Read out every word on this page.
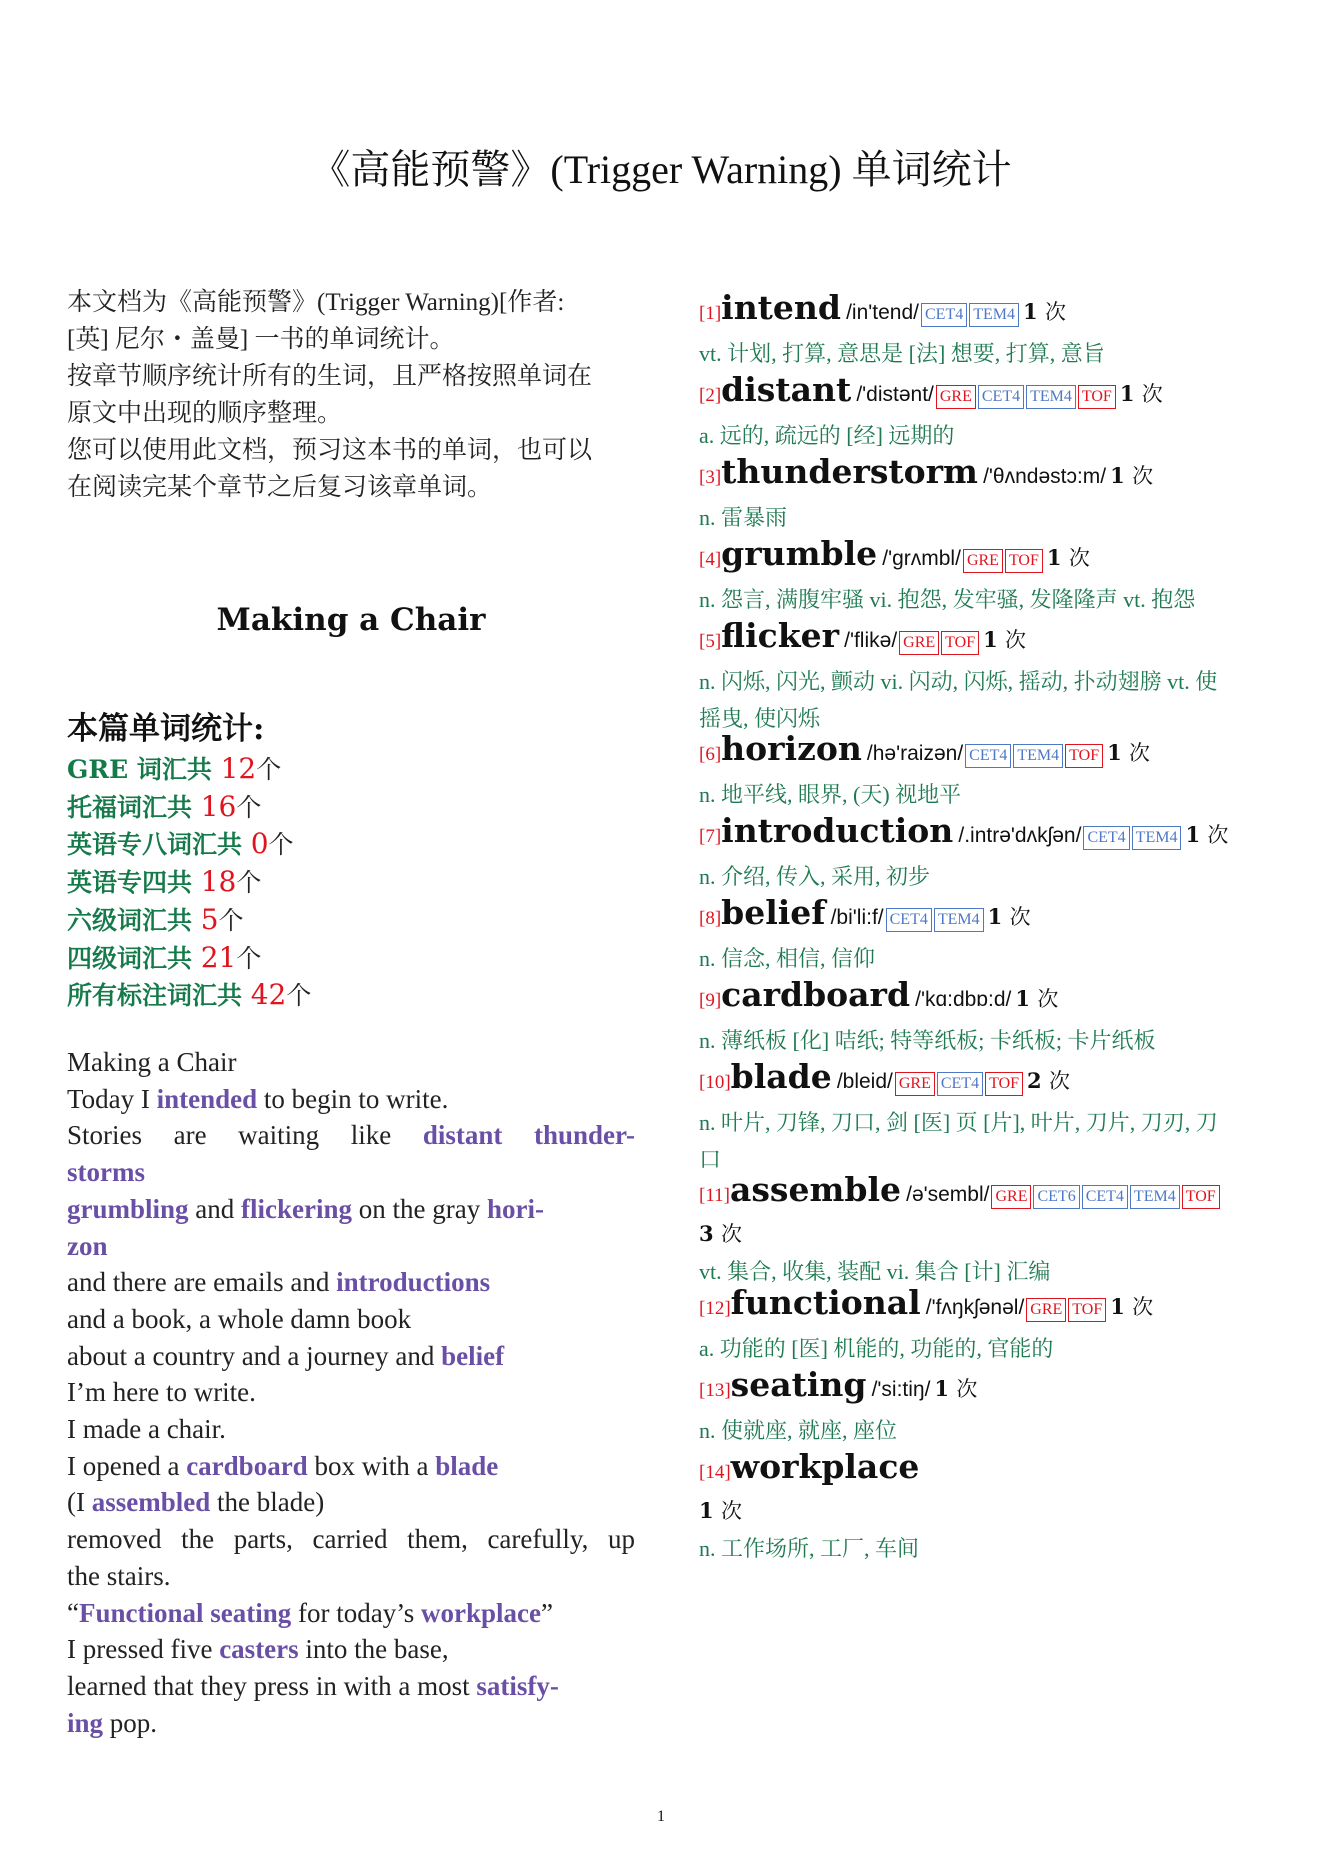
《高能预警》(Trigger Warning) 单词统计

本文档为《高能预警》(Trigger Warning)[作者:

[英] 尼尔・盖曼] 一书的单词统计。

按章节顺序统计所有的生词，且严格按照单词在

原文中出现的顺序整理。

您可以使用此文档，预习这本书的单词，也可以

在阅读完某个章节之后复习该章单词。

Making a Chair
本篇单词统计:
GRE 词汇共 12个
托福词汇共 16个
英语专八词汇共 0个
英语专四共 18个
六级词汇共 5个
四级词汇共 21个
所有标注词汇共 42个
Making a Chair
Today I intended to begin to write.
Stories are waiting like distant thunder-
storms
grumbling and flickering on the gray hori-
zon
and there are emails and introductions
and a book, a whole damn book
about a country and a journey and belief
I’m here to write.
I made a chair.
I opened a cardboard box with a blade
(I assembled the blade)
removed the parts, carried them, carefully, up
the stairs.
“Functional seating for today’s workplace”
I pressed five casters into the base,
learned that they press in with a most satisfy-
ing pop.
[1]intend /in'tend/ CET4 TEM4 1 次
vt. 计划, 打算, 意思是 [法] 想要, 打算, 意旨
[2]distant /'distənt/ GRE CET4 TEM4 TOF 1 次
a. 远的, 疏远的 [经] 远期的
[3]thunderstorm /'θʌndəstɔ:m/ 1 次
n. 雷暴雨
[4]grumble /'grʌmbl/ GRE TOF 1 次
n. 怨言, 满腹牢骚 vi. 抱怨, 发牢骚, 发隆隆声 vt. 抱怨
[5]flicker /'flikə/ GRE TOF 1 次
n. 闪烁, 闪光, 颤动 vi. 闪动, 闪烁, 摇动, 扑动翅膀 vt. 使
摇曳, 使闪烁
[6]horizon /hə'raizən/ CET4 TEM4 TOF 1 次
n. 地平线, 眼界, (天) 视地平
[7]introduction /.intrə'dʌkʃən/ CET4 TEM4 1 次
n. 介绍, 传入, 采用, 初步
[8]belief /bi'li:f/ CET4 TEM4 1 次
n. 信念, 相信, 信仰
[9]cardboard /'kɑ:dbɒ:d/ 1 次
n. 薄纸板 [化] 咭纸; 特等纸板; 卡纸板; 卡片纸板
[10]blade /bleid/ GRE CET4 TOF 2 次
n. 叶片, 刀锋, 刀口, 剑 [医] 页 [片], 叶片, 刀片, 刀刃, 刀
口
[11]assemble /ə'sembl/ GRE CET6 CET4 TEM4 TOF
3 次
vt. 集合, 收集, 装配 vi. 集合 [计] 汇编
[12]functional /'fʌŋkʃənəl/ GRE TOF 1 次
a. 功能的 [医] 机能的, 功能的, 官能的
[13]seating /'si:tiŋ/ 1 次
n. 使就座, 就座, 座位
[14]workplace
1 次
n. 工作场所, 工厂, 车间
1
